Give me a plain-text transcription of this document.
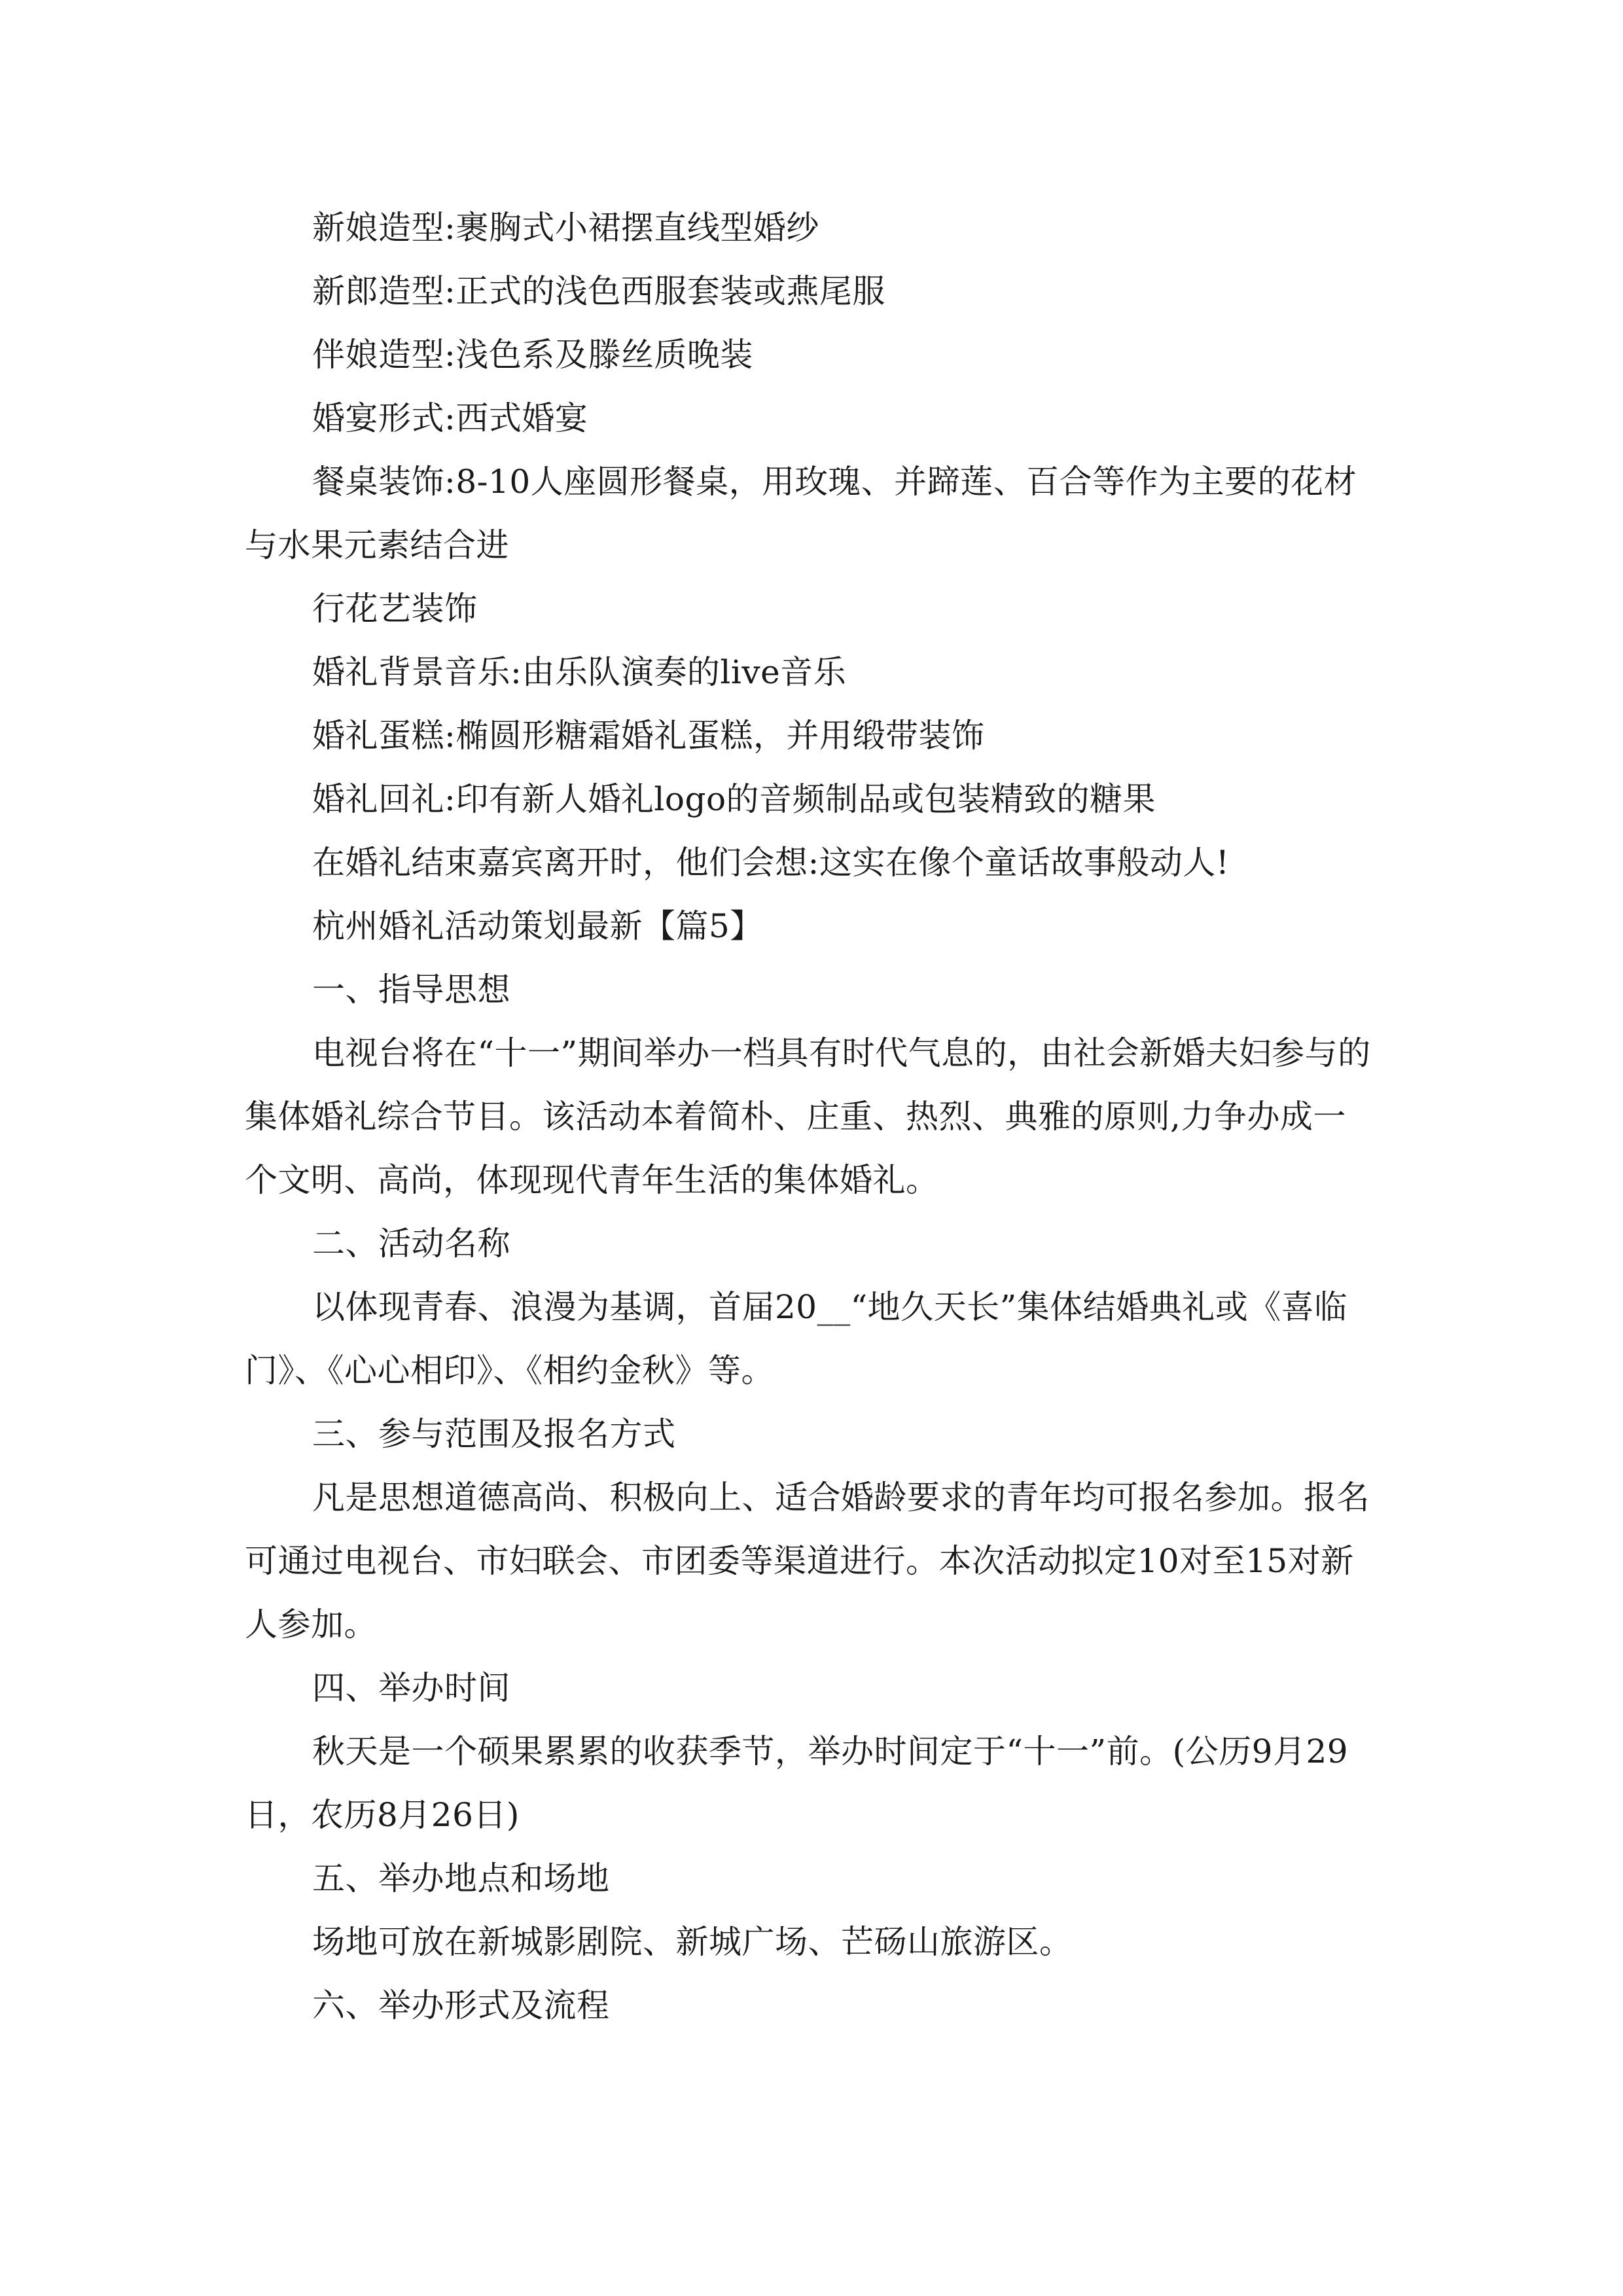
新娘造型:裹胸式小裙摆直线型婚纱

新郎造型:正式的浅色西服套装或燕尾服

伴娘造型:浅色系及滕丝质晚装

婚宴形式:西式婚宴

餐桌装饰:8-10人座圆形餐桌，用玫瑰、并蹄莲、百合等作为主要的花材与水果元素结合进

行花艺装饰

婚礼背景音乐:由乐队演奏的live音乐

婚礼蛋糕:椭圆形糖霜婚礼蛋糕，并用缎带装饰

婚礼回礼:印有新人婚礼logo的音频制品或包装精致的糖果

在婚礼结束嘉宾离开时，他们会想:这实在像个童话故事般动人!

杭州婚礼活动策划最新【篇5】

一、指导思想

电视台将在“十一”期间举办一档具有时代气息的，由社会新婚夫妇参与的集体婚礼综合节目。该活动本着简朴、庄重、热烈、典雅的原则,力争办成一个文明、高尚，体现现代青年生活的集体婚礼。

二、活动名称

以体现青春、浪漫为基调，首届20__“地久天长”集体结婚典礼或《喜临门》、《心心相印》、《相约金秋》等。

三、参与范围及报名方式

凡是思想道德高尚、积极向上、适合婚龄要求的青年均可报名参加。报名可通过电视台、市妇联会、市团委等渠道进行。本次活动拟定10对至15对新人参加。

四、举办时间

秋天是一个硕果累累的收获季节，举办时间定于“十一”前。(公历9月29日，农历8月26日)

五、举办地点和场地

场地可放在新城影剧院、新城广场、芒砀山旅游区。

六、举办形式及流程
